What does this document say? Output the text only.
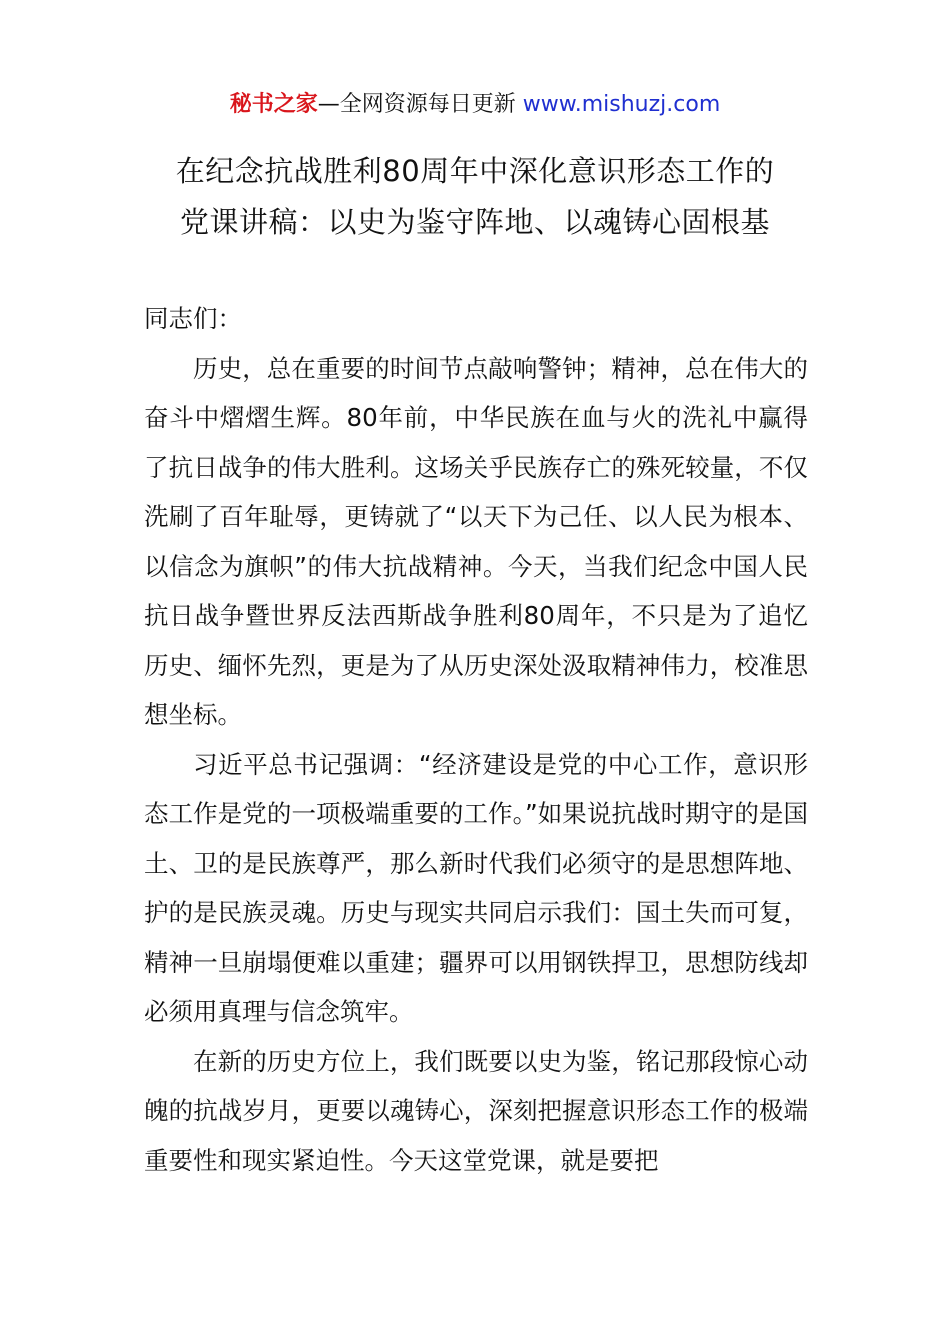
秘书之家—全网资源每日更新 www.mishuzj.com
在纪念抗战胜利80周年中深化意识形态工作的
党课讲稿：以史为鉴守阵地、以魂铸心固根基

同志们：

历史，总在重要的时间节点敲响警钟；精神，总在伟大的奋斗中熠熠生辉。80年前，中华民族在血与火的洗礼中赢得了抗日战争的伟大胜利。这场关乎民族存亡的殊死较量，不仅洗刷了百年耻辱，更铸就了“以天下为己任、以人民为根本、以信念为旗帜”的伟大抗战精神。今天，当我们纪念中国人民抗日战争暨世界反法西斯战争胜利80周年，不只是为了追忆历史、缅怀先烈，更是为了从历史深处汲取精神伟力，校准思想坐标。

习近平总书记强调：“经济建设是党的中心工作，意识形态工作是党的一项极端重要的工作。”如果说抗战时期守的是国土、卫的是民族尊严，那么新时代我们必须守的是思想阵地、护的是民族灵魂。历史与现实共同启示我们：国土失而可复，精神一旦崩塌便难以重建；疆界可以用钢铁捍卫，思想防线却必须用真理与信念筑牢。

在新的历史方位上，我们既要以史为鉴，铭记那段惊心动魄的抗战岁月，更要以魂铸心，深刻把握意识形态工作的极端重要性和现实紧迫性。今天这堂党课，就是要把
